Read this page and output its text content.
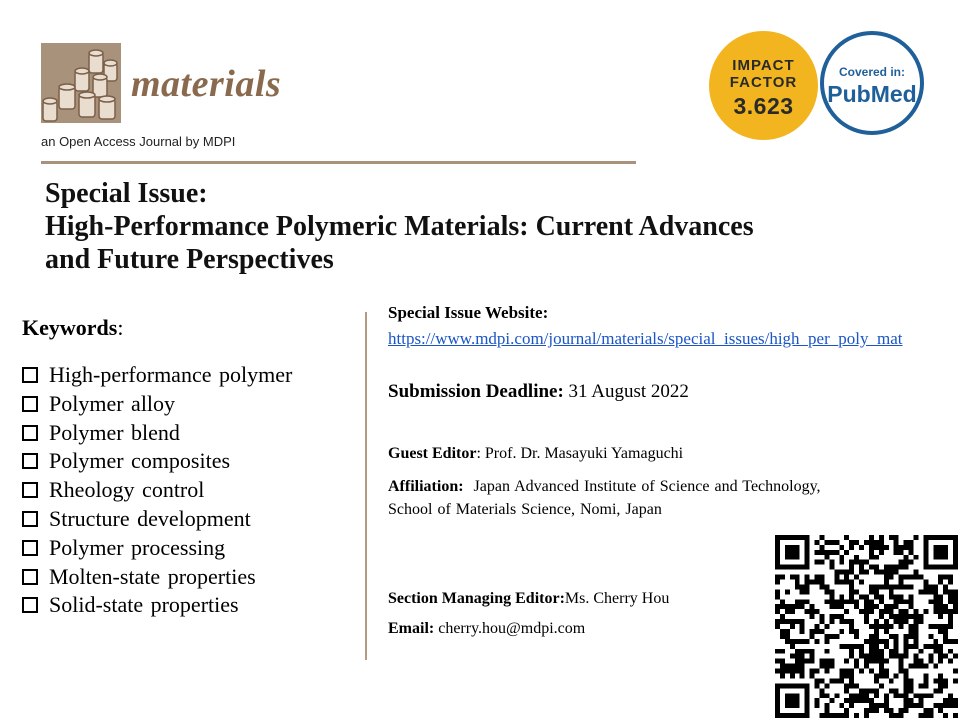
materials
an Open Access Journal by MDPI
IMPACT
FACTOR
3.623
Covered in:
PubMed
Special Issue:
High-Performance Polymeric Materials: Current Advances
and Future Perspectives
Keywords:
High-performance polymer
Polymer alloy
Polymer blend
Polymer composites
Rheology control
Structure development
Polymer processing
Molten-state properties
Solid-state properties
Special Issue Website:
https://www.mdpi.com/journal/materials/special_issues/high_per_poly_mat
Submission Deadline: 31 August 2022
Guest Editor: Prof. Dr. Masayuki Yamaguchi
Affiliation: Japan Advanced Institute of Science and Technology, School of Materials Science, Nomi, Japan
Section Managing Editor:Ms. Cherry Hou
Email: cherry.hou@mdpi.com
